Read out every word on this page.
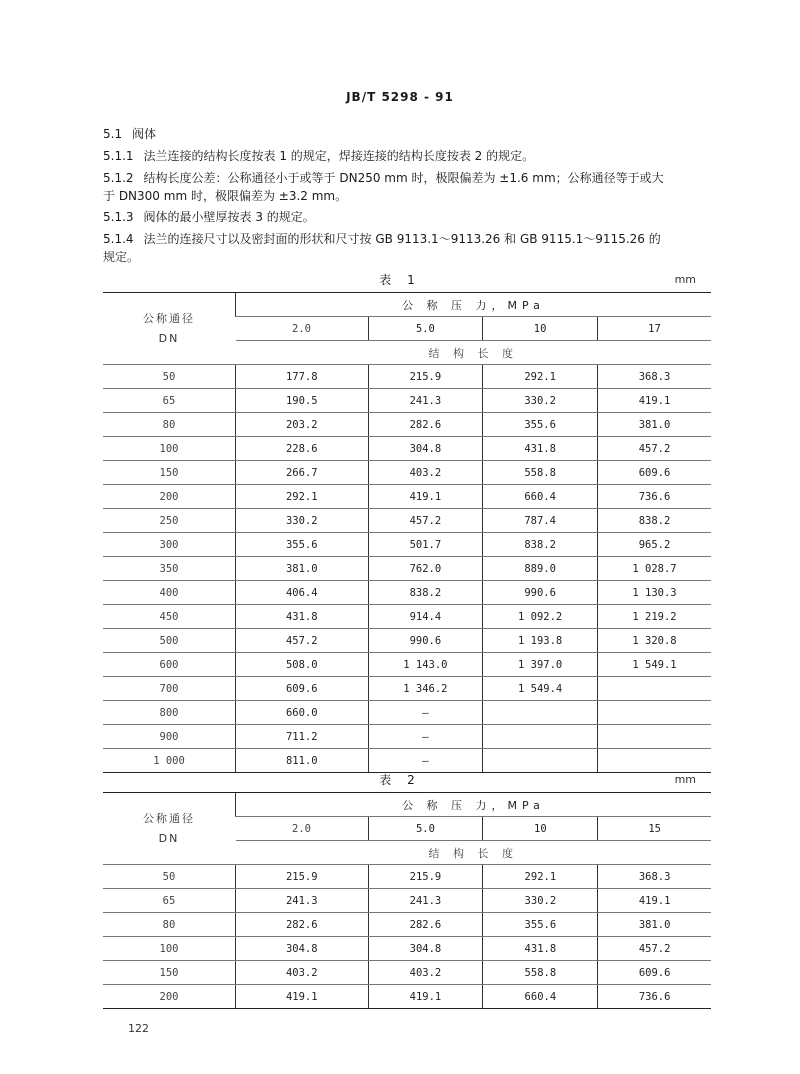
JB/T 5298 - 91
5.1 阀体
5.1.1 法兰连接的结构长度按表 1 的规定，焊接连接的结构长度按表 2 的规定。
5.1.2 结构长度公差：公称通径小于或等于 DN250 mm 时，极限偏差为 ±1.6 mm；公称通径等于或大
于 DN300 mm 时，极限偏差为 ±3.2 mm。
5.1.3 阀体的最小壁厚按表 3 的规定。
5.1.4 法兰的连接尺寸以及密封面的形状和尺寸按 GB 9113.1～9113.26 和 GB 9115.1～9115.26 的
规定。
表 1	mm
公称通径
DN	公 称 压 力，MPa			
	2.0	5.0	10	17
	结 构 长 度			
50	177.8	215.9	292.1	368.3
65	190.5	241.3	330.2	419.1
80	203.2	282.6	355.6	381.0
100	228.6	304.8	431.8	457.2
150	266.7	403.2	558.8	609.6
200	292.1	419.1	660.4	736.6
250	330.2	457.2	787.4	838.2
300	355.6	501.7	838.2	965.2
350	381.0	762.0	889.0	1 028.7
400	406.4	838.2	990.6	1 130.3
450	431.8	914.4	1 092.2	1 219.2
500	457.2	990.6	1 193.8	1 320.8
600	508.0	1 143.0	1 397.0	1 549.1
700	609.6	1 346.2	1 549.4	
800	660.0	—		
900	711.2	—		
1 000	811.0	—		
表 2	mm
公称通径
DN	公 称 压 力，MPa			
	2.0	5.0	10	15
	结 构 长 度			
50	215.9	215.9	292.1	368.3
65	241.3	241.3	330.2	419.1
80	282.6	282.6	355.6	381.0
100	304.8	304.8	431.8	457.2
150	403.2	403.2	558.8	609.6
200	419.1	419.1	660.4	736.6
122
